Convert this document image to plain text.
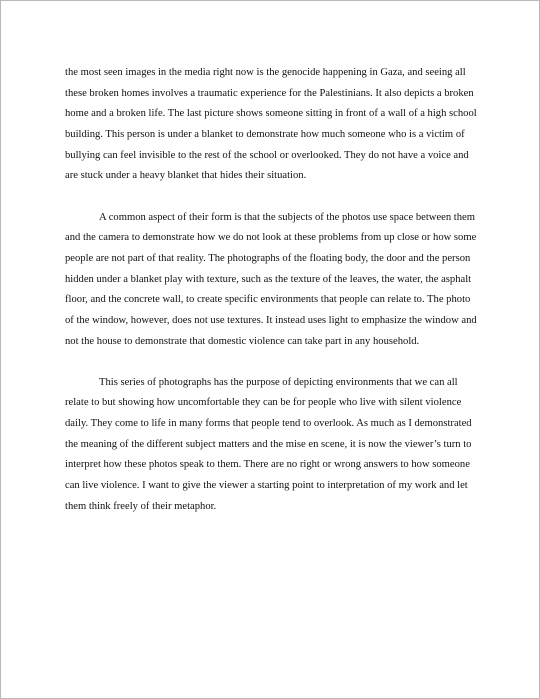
the most seen images in the media right now is the genocide happening in Gaza, and seeing all
these broken homes involves a traumatic experience for the Palestinians. It also depicts a broken
home and a broken life. The last picture shows someone sitting in front of a wall of a high school
building. This person is under a blanket to demonstrate how much someone who is a victim of
bullying can feel invisible to the rest of the school or overlooked. They do not have a voice and
are stuck under a heavy blanket that hides their situation.

A common aspect of their form is that the subjects of the photos use space between them
and the camera to demonstrate how we do not look at these problems from up close or how some
people are not part of that reality. The photographs of the floating body, the door and the person
hidden under a blanket play with texture, such as the texture of the leaves, the water, the asphalt
floor, and the concrete wall, to create specific environments that people can relate to. The photo
of the window, however, does not use textures. It instead uses light to emphasize the window and
not the house to demonstrate that domestic violence can take part in any household.

This series of photographs has the purpose of depicting environments that we can all
relate to but showing how uncomfortable they can be for people who live with silent violence
daily. They come to life in many forms that people tend to overlook. As much as I demonstrated
the meaning of the different subject matters and the mise en scene, it is now the viewer’s turn to
interpret how these photos speak to them. There are no right or wrong answers to how someone
can live violence. I want to give the viewer a starting point to interpretation of my work and let
them think freely of their metaphor.
